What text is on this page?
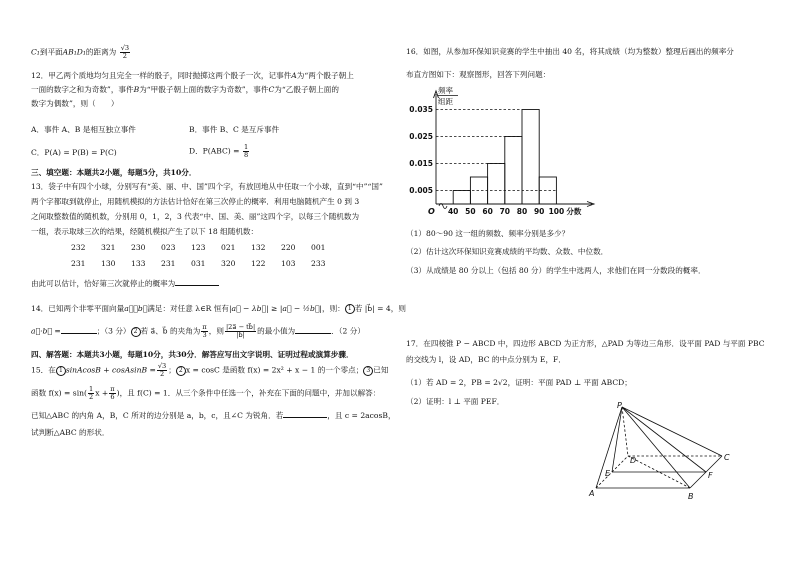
C₁到平面AB₁D₁的距离为 $\frac{√3}{2}$
12．甲乙两个质地均匀且完全一样的骰子，同时抛掷这两个骰子一次，记事件A为“两个骰子朝上
一面的数字之和为奇数”，事件B为“甲骰子朝上面的数字为奇数”，事件C为“乙骰子朝上面的
数字为偶数”，则（　　）
A．事件 A、B 是相互独立事件	B．事件 B、C 是互斥事件
C．P(A) = P(B) = P(C)	D．$P(ABC) = \frac{1}{8}$
三、填空题：本题共2小题，每题5分，共10分．
13．袋子中有四个小球，分别写有“美、丽、中、国”四个字，有放回地从中任取一个小球，直到“中”“国”
两个字都取到就停止，用随机模拟的方法估计恰好在第三次停止的概率．利用电脑随机产生 0 到 3
之间取整数值的随机数，分别用 0，1，2，3 代表“中、国、美、丽”这四个字，以每三个随机数为
一组，表示取球三次的结果，经随机模拟产生了以下 18 组随机数：
232 321 230 023 123 021 132 220 001
231 130 133 231 031 320 122 103 233
由此可以估计，恰好第三次就停止的概率为
14．已知两个非零平面向量a⃗，b⃗满足：对任意 λ∈R 恒有|a⃗ − λb⃗| ≥ |a⃗ − ½b⃗|，则： 1 若 |b⃗| = 4，则
a⃗·b⃗ =	；（3 分） 2 若 a⃗、b⃗ 的夹角为 $\frac{\pi}{3}$ ，则 $\frac{|2a⃗ - tb⃗|}{|b⃗|}$ 的最小值为	．（2 分）
四、解答题：本题共3小题，每题10分，共30分．解答应写出文字说明、证明过程或演算步骤．
15．在 1 sinAcosB + cosAsinB = $\frac{√3}{2}$ ； 2 x = cosC 是函数 f(x) = 2x² + x − 1 的一个零点； 3 已知
函数 $f(x) = \sin( \frac{1}{2}$ $x + \frac{\pi}{6}$ )，且 f(C) = 1．从三个条件中任选一个，补充在下面的问题中，并加以解答：
已知△ABC 的内角 A，B，C 所对的边分别是 a，b，c，且∠C 为锐角．若	，且 c = 2acosB，
试判断△ABC 的形状．
16．如图，从参加环保知识竞赛的学生中抽出 40 名，将其成绩（均为整数）整理后画出的频率分
布直方图如下：观察图形，回答下列问题：
（1）80～90 这一组的频数、频率分别是多少？
（2）估计这次环保知识竞赛成绩的平均数、众数、中位数．
（3）从成绩是 80 分以上（包括 80 分）的学生中选两人，求他们在同一分数段的概率．
17．在四棱锥 P − ABCD 中，四边形 ABCD 为正方形，△PAD 为等边三角形．设平面 PAD 与平面 PBC
的交线为 l，设 AD，BC 的中点分别为 E，F．
（1）若 AD = 2，PB = 2√2，证明：平面 PAD ⊥ 平面 ABCD；
（2）证明：l ⊥ 平面 PEF．
频率
组距
0.005
0.015
0.025
0.035
40 50 60 70 80 90 100 分数
O
P
D	C
E	F
A	B
